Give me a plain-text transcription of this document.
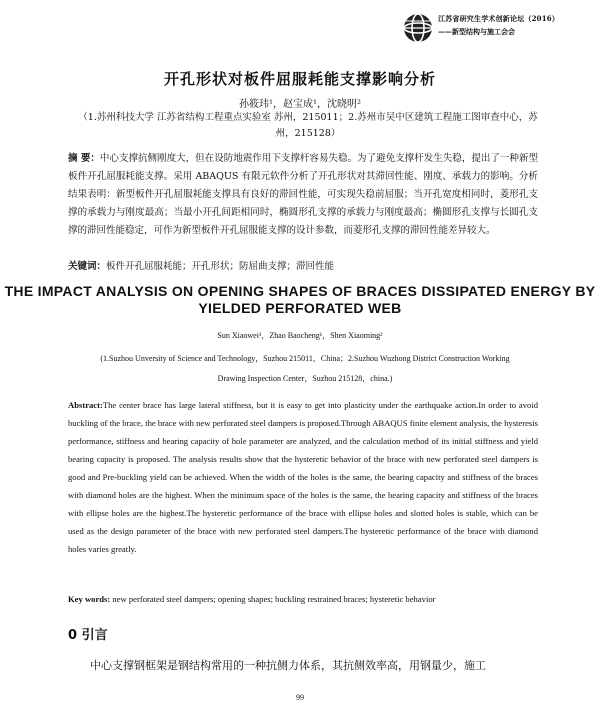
江苏省研究生学术创新论坛（2016）
——新型结构与施工会会
开孔形状对板件屈服耗能支撑影响分析
孙筱玮¹，赵宝成¹，沈晓明²
（1.苏州科技大学 江苏省结构工程重点实验室 苏州，215011；2.苏州市吴中区建筑工程施工图审查中心，苏州，215128）
摘 要：中心支撑抗侧刚度大，但在设防地震作用下支撑杆容易失稳。为了避免支撑杆发生失稳，提出了一种新型板件开孔屈服耗能支撑。采用 ABAQUS 有限元软件分析了开孔形状对其滞回性能、刚度、承载力的影响。分析结果表明：新型板件开孔屈服耗能支撑具有良好的滞回性能，可实现失稳前屈服；当开孔宽度相同时，菱形孔支撑的承载力与刚度最高；当最小开孔间距相同时，椭圆形孔支撑的承载力与刚度最高；椭圆形孔支撑与长圆孔支撑的滞回性能稳定，可作为新型板件开孔屈服能支撑的设计参数，而菱形孔支撑的滞回性能差异较大。
关键词：板件开孔屈服耗能；开孔形状；防屈曲支撑；滞回性能
THE IMPACT ANALYSIS ON OPENING SHAPES OF BRACES DISSIPATED ENERGY BY YIELDED PERFORATED WEB
Sun Xiaowei¹，Zhao Baocheng¹，Shen Xiaoming²
(1.Suzhou Unversity of Science and Technology，Suzhou 215011，China；2.Suzhou Wuzhong District Construction Working Drawing Inspection Center，Suzhou 215128，china.)
Abstract:The center brace has large lateral stiffness, but it is easy to get into plasticity under the earthquake action.In order to avoid buckling of the brace, the brace with new perforated steel dampers is proposed.Through ABAQUS finite element analysis, the hysteresis performance, stiffness and bearing capacity of hole parameter are analyzed, and the calculation method of its initial stiffness and yield bearing capacity is proposed. The analysis results show that the hysteretic behavior of the brace with new perforated steel dampers is good and Pre-buckling yield can be achieved. When the width of the holes is the same, the bearing capacity and stiffness of the braces with diamond holes are the highest. When the minimum space of the holes is the same, the bearing capacity and stiffness of the braces with ellipse holes are the highest.The hysteretic performance of the brace with ellipse holes and slotted holes is stable, which can be used as the design parameter of the brace with new perforated steel dampers.The hysteretic performance of the brace with diamond holes varies greatly.
Key words: new perforated steel dampers; opening shapes; buckling restrained braces; hysteretic behavior
0 引言
中心支撑钢框架是钢结构常用的一种抗侧力体系，其抗侧效率高，用钢量少，施工
99
